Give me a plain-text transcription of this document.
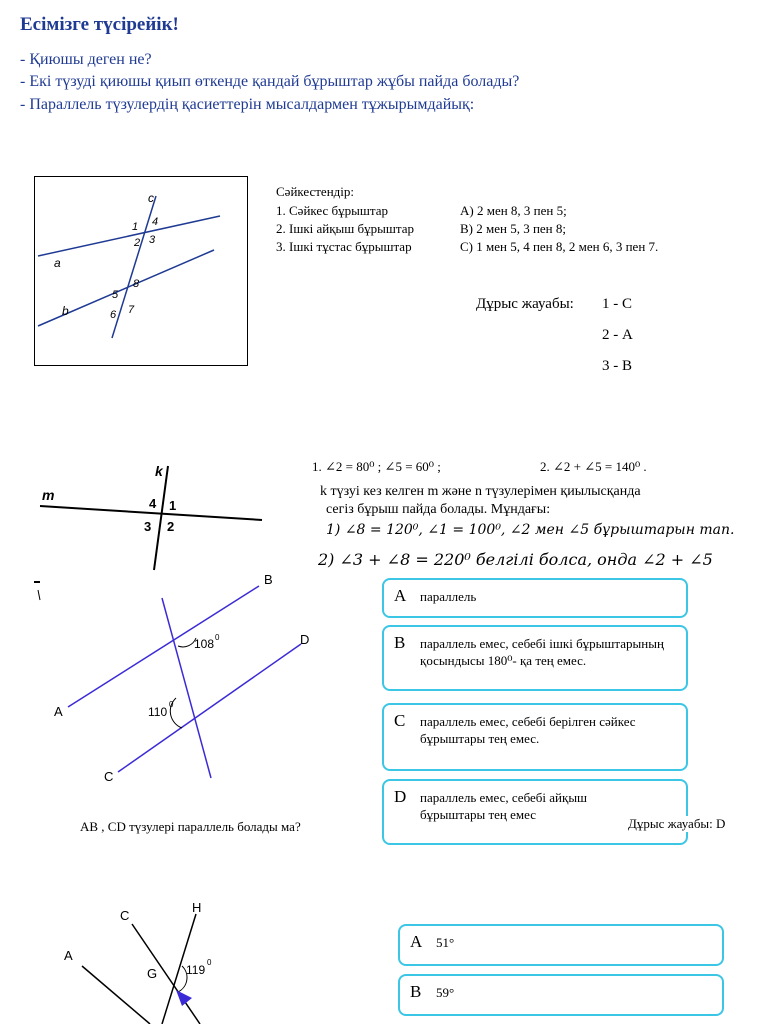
Есімізге түсірейік!
- Қиюшы деген не?
- Екі түзуді қиюшы қиып өткенде қандай бұрыштар жұбы пайда болады?
- Параллель түзулердің қасиеттерін мысалдармен тұжырымдайық:
c
a
b
1 4
2 3
8
5
6 7
Сәйкестендір:
1. Сәйкес бұрыштар
2. Ішкі айқыш бұрыштар
3. Ішкі тұстас бұрыштар
А) 2 мен 8, 3 пен 5;
В) 2 мен 5, 3 пен 8;
С) 1 мен 5, 4 пен 8, 2 мен 6, 3 пен 7.
Дұрыс жауабы: 1 - С
2 - А
3 - В
k
m
4 1
3 2
1. ∠2 = 80⁰ ; ∠5 = 60⁰ ;	2. ∠2 + ∠5 = 140⁰ .
k түзуі кез келген m және n түзулерімен қиылысқанда
сегіз бұрыш пайда болады. Мұндағы:
1) ∠8 = 120⁰, ∠1 = 100⁰, ∠2 мен ∠5 бұрыштарын тап.
2) ∠3 + ∠8 = 220⁰ белгілі болса, онда ∠2 + ∠5
B
D
A
C
108 0
110
0
АВ , СD түзулері параллель болады ма?
A параллель
B параллель емес, себебі ішкі бұрыштарының қосындысы 180⁰- қа тең емес.
C параллель емес, себебі берілген сәйкес бұрыштары тең емес.
D параллель емес, себебі айқыш бұрыштары тең емес
Дұрыс жауабы: D
A
C
H
G 119
0
A 51°
B 59°
